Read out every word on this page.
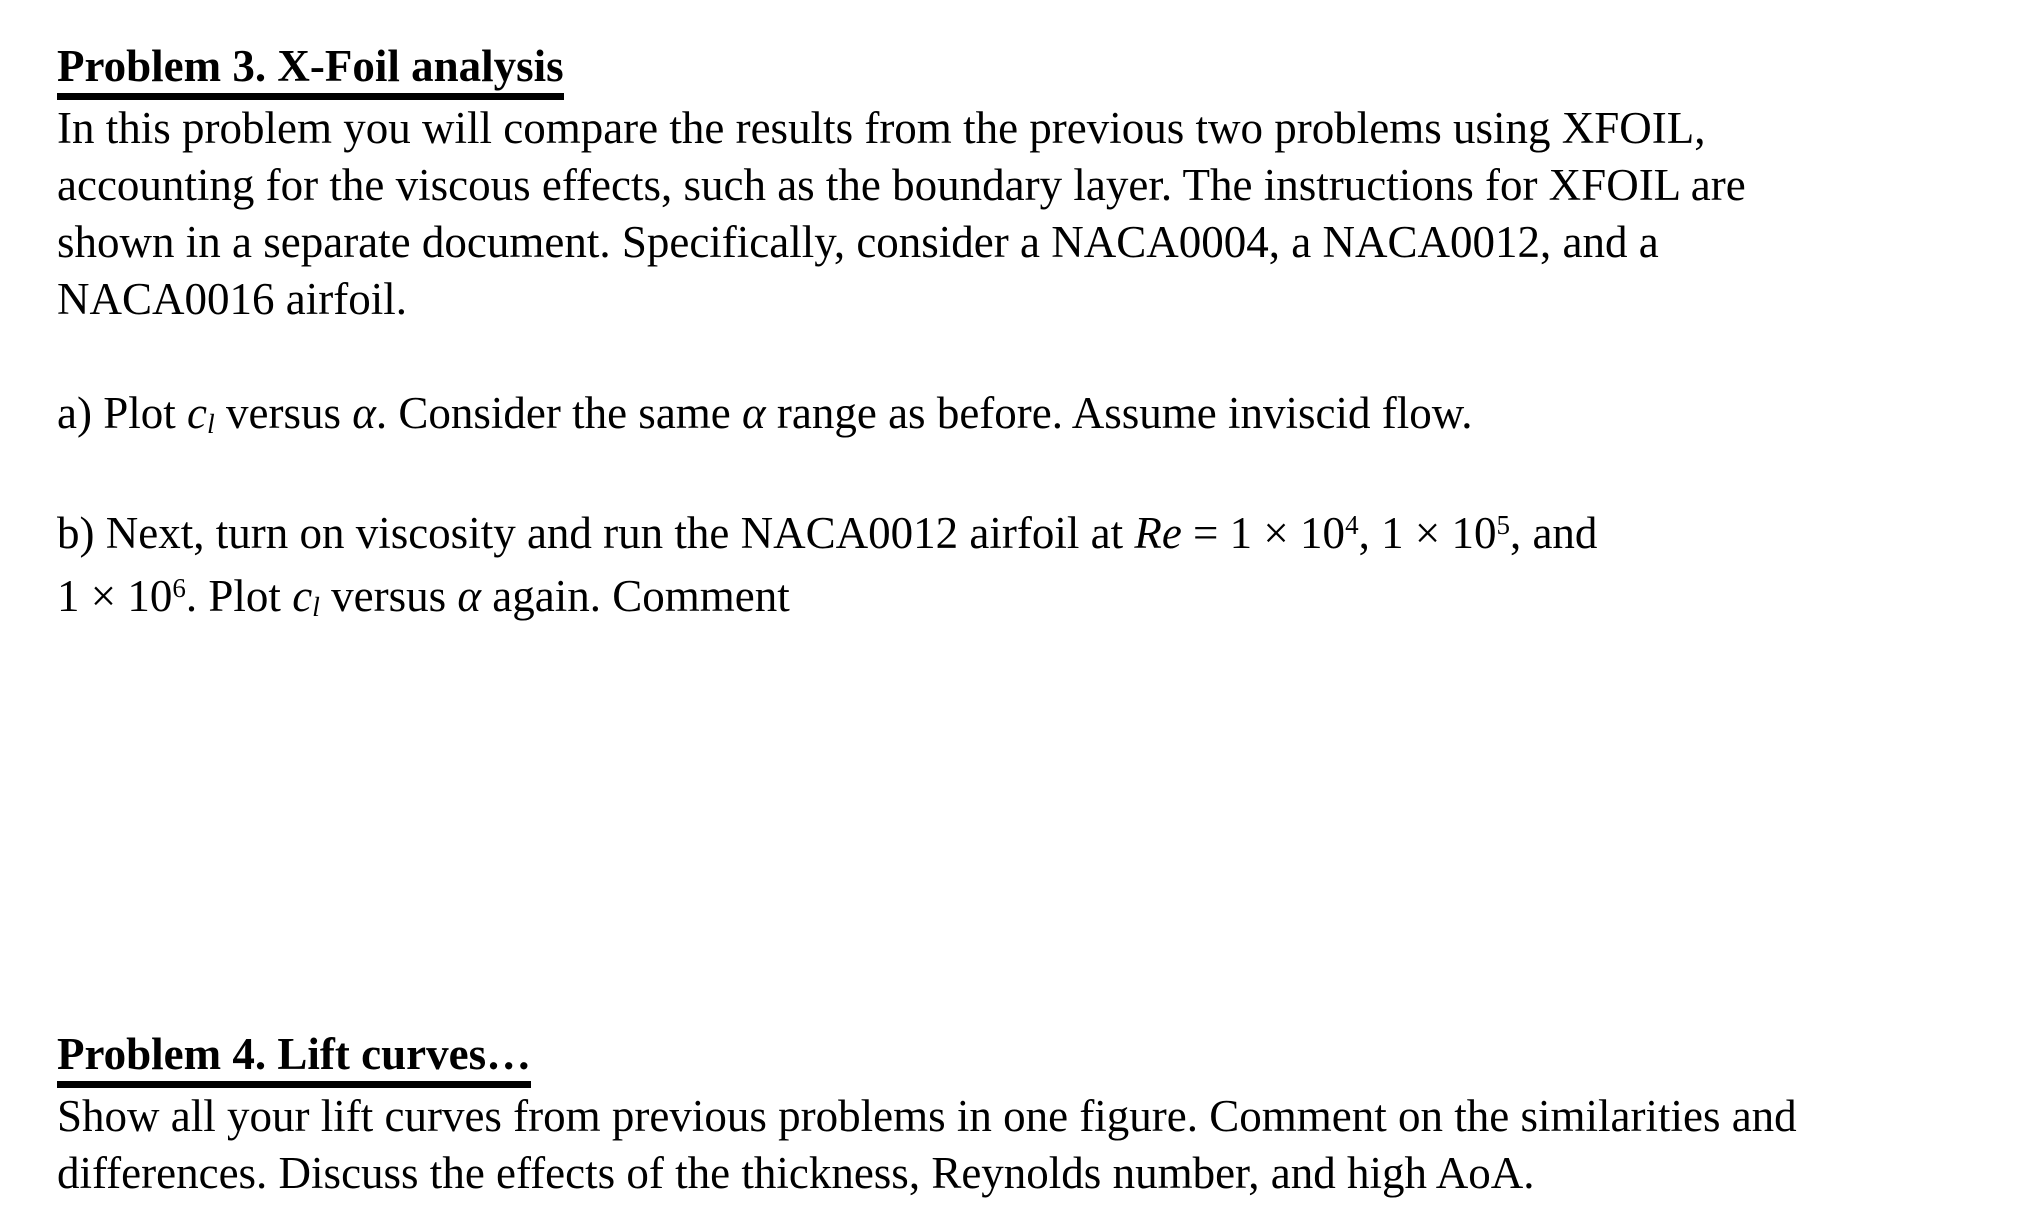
Problem 3. X-Foil analysis
In this problem you will compare the results from the previous two problems using XFOIL,
accounting for the viscous effects, such as the boundary layer. The instructions for XFOIL are
shown in a separate document. Specifically, consider a NACA0004, a NACA0012, and a
NACA0016 airfoil.
a) Plot cl versus α. Consider the same α range as before. Assume inviscid flow.
b) Next, turn on viscosity and run the NACA0012 airfoil at $Re = 1 \times 10^4$, $1 \times 10^5$, and
$1 \times 10^6$. Plot cl versus α again. Comment
Problem 4. Lift curves…
Show all your lift curves from previous problems in one figure. Comment on the similarities and
differences. Discuss the effects of the thickness, Reynolds number, and high AoA.
